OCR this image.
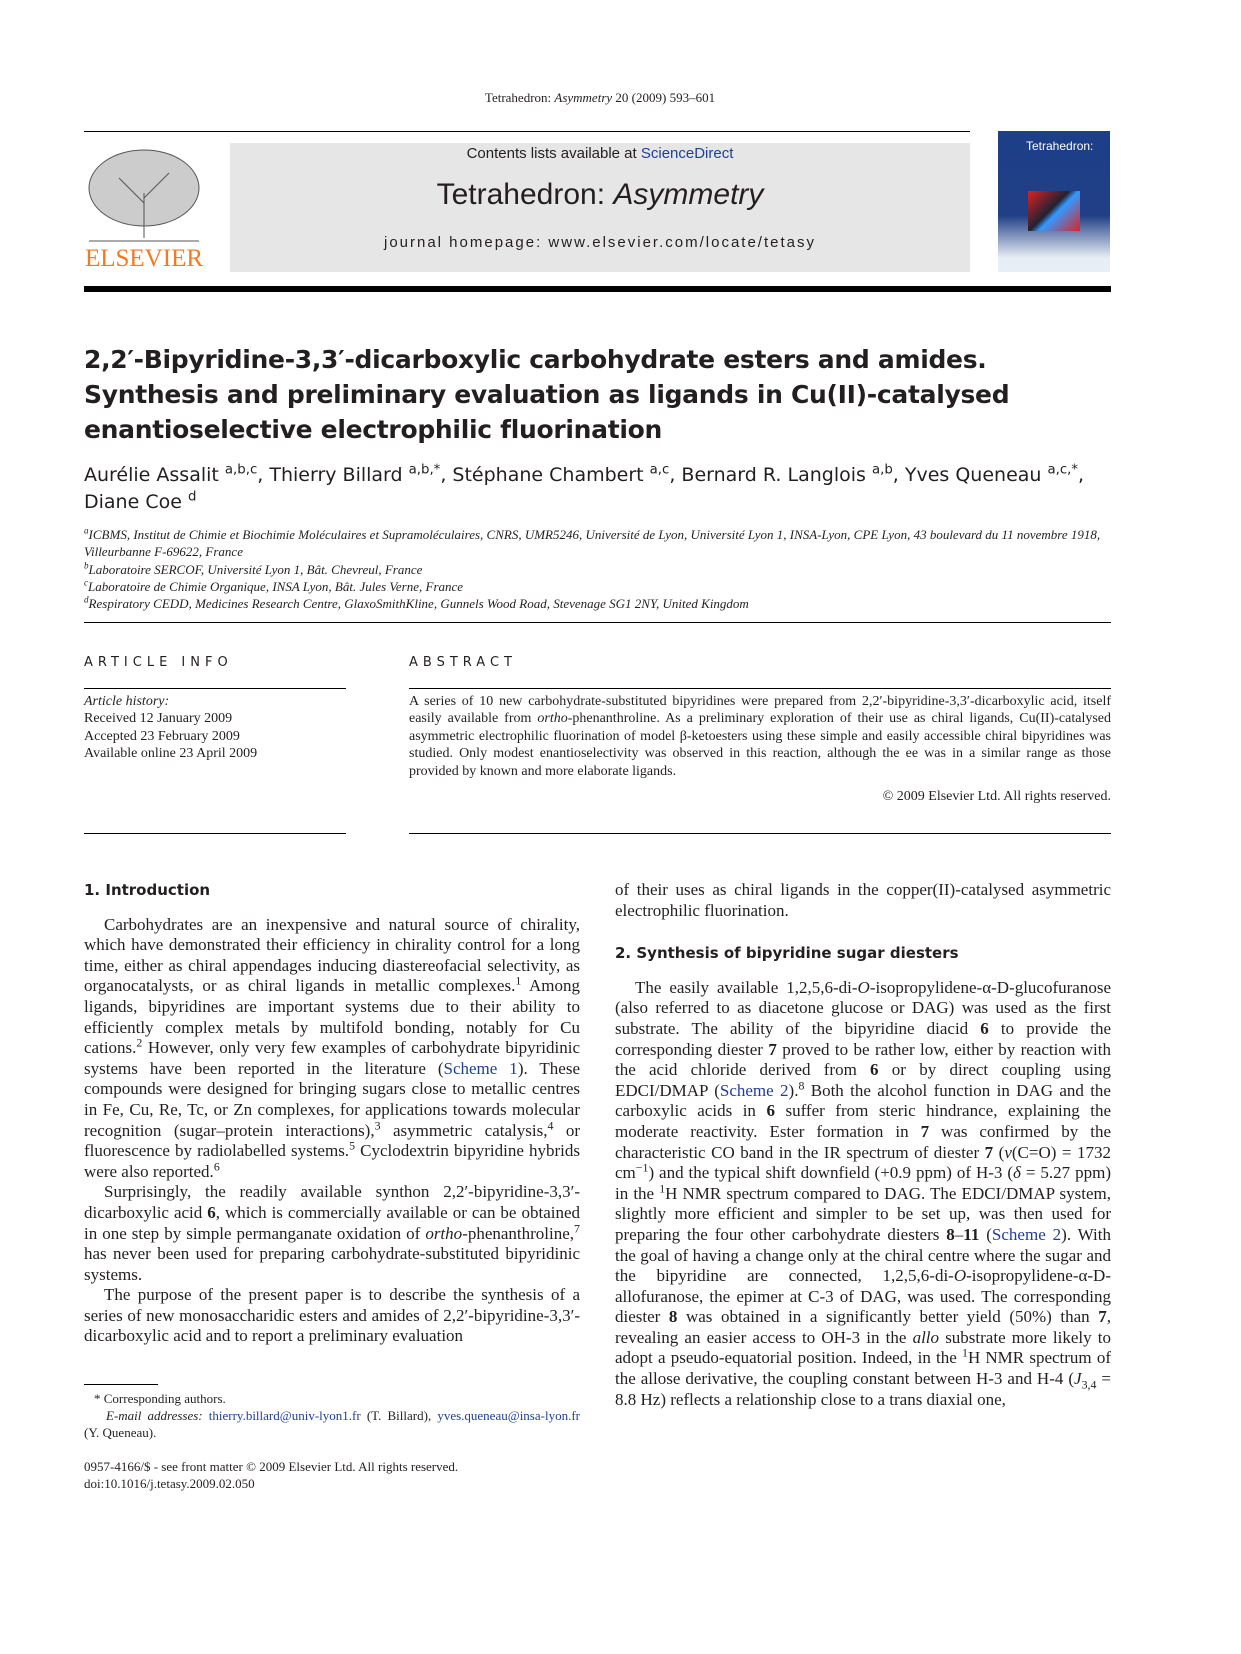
Tetrahedron: Asymmetry 20 (2009) 593–601
ELSEVIER
Contents lists available at ScienceDirect
Tetrahedron: Asymmetry
journal homepage: www.elsevier.com/locate/tetasy
Tetrahedron:
2,2′-Bipyridine-3,3′-dicarboxylic carbohydrate esters and amides. Synthesis and preliminary evaluation as ligands in Cu(II)-catalysed enantioselective electrophilic fluorination

Aurélie Assalit $^{a,b,c}$, Thierry Billard $^{a,b,*}$, Stéphane Chambert $^{a,c}$, Bernard R. Langlois $^{a,b}$, Yves Queneau $^{a,c,*}$, Diane Coe $^d$

$^a$ICBMS, Institut de Chimie et Biochimie Moléculaires et Supramoléculaires, CNRS, UMR5246, Université de Lyon, Université Lyon 1, INSA-Lyon, CPE Lyon, 43 boulevard du 11 novembre 1918, Villeurbanne F-69622, France

$^b$Laboratoire SERCOF, Université Lyon 1, Bât. Chevreul, France

$^c$Laboratoire de Chimie Organique, INSA Lyon, Bât. Jules Verne, France

$^d$Respiratory CEDD, Medicines Research Centre, GlaxoSmithKline, Gunnels Wood Road, Stevenage SG1 2NY, United Kingdom

ARTICLE INFO
Article history:
Received 12 January 2009
Accepted 23 February 2009
Available online 23 April 2009
ABSTRACT

A series of 10 new carbohydrate-substituted bipyridines were prepared from 2,2′-bipyridine-3,3′-dicarboxylic acid, itself easily available from ortho-phenanthroline. As a preliminary exploration of their use as chiral ligands, Cu(II)-catalysed asymmetric electrophilic fluorination of model β-ketoesters using these simple and easily accessible chiral bipyridines was studied. Only modest enantioselectivity was observed in this reaction, although the ee was in a similar range as those provided by known and more elaborate ligands.

© 2009 Elsevier Ltd. All rights reserved.
1. Introduction

Carbohydrates are an inexpensive and natural source of chirality, which have demonstrated their efficiency in chirality control for a long time, either as chiral appendages inducing diastereofacial selectivity, as organocatalysts, or as chiral ligands in metallic complexes.$^1$ Among ligands, bipyridines are important systems due to their ability to efficiently complex metals by multifold bonding, notably for Cu cations.$^2$ However, only very few examples of carbohydrate bipyridinic systems have been reported in the literature (Scheme 1). These compounds were designed for bringing sugars close to metallic centres in Fe, Cu, Re, Tc, or Zn complexes, for applications towards molecular recognition (sugar–protein interactions),$^3$ asymmetric catalysis,$^4$ or fluorescence by radiolabelled systems.$^5$ Cyclodextrin bipyridine hybrids were also reported.$^6$

Surprisingly, the readily available synthon 2,2′-bipyridine-3,3′-dicarboxylic acid 6, which is commercially available or can be obtained in one step by simple permanganate oxidation of ortho-phenanthroline,$^7$ has never been used for preparing carbohydrate-substituted bipyridinic systems.

The purpose of the present paper is to describe the synthesis of a series of new monosaccharidic esters and amides of 2,2′-bipyridine-3,3′-dicarboxylic acid and to report a preliminary evaluation

of their uses as chiral ligands in the copper(II)-catalysed asymmetric electrophilic fluorination.

2. Synthesis of bipyridine sugar diesters

The easily available 1,2,5,6-di-O-isopropylidene-α-D-glucofuranose (also referred to as diacetone glucose or DAG) was used as the first substrate. The ability of the bipyridine diacid 6 to provide the corresponding diester 7 proved to be rather low, either by reaction with the acid chloride derived from 6 or by direct coupling using EDCI/DMAP (Scheme 2).$^8$ Both the alcohol function in DAG and the carboxylic acids in 6 suffer from steric hindrance, explaining the moderate reactivity. Ester formation in 7 was confirmed by the characteristic CO band in the IR spectrum of diester 7 (ν(C=O) = 1732 $cm^{-1}$) and the typical shift downfield (+0.9 ppm) of H-3 (δ = 5.27 ppm) in the $^1$H NMR spectrum compared to DAG. The EDCI/DMAP system, slightly more efficient and simpler to be set up, was then used for preparing the four other carbohydrate diesters 8–11 (Scheme 2). With the goal of having a change only at the chiral centre where the sugar and the bipyridine are connected, 1,2,5,6-di-O-isopropylidene-α-D-allofuranose, the epimer at C-3 of DAG, was used. The corresponding diester 8 was obtained in a significantly better yield (50%) than 7, revealing an easier access to OH-3 in the allo substrate more likely to adopt a pseudo-equatorial position. Indeed, in the $^1$H NMR spectrum of the allose derivative, the coupling constant between H-3 and H-4 ($J_{3,4} = 8.8$ Hz) reflects a relationship close to a trans diaxial one,

* Corresponding authors.
E-mail addresses: thierry.billard@univ-lyon1.fr (T. Billard), yves.queneau@insa-lyon.fr (Y. Queneau).
0957-4166/$ - see front matter © 2009 Elsevier Ltd. All rights reserved.
doi:10.1016/j.tetasy.2009.02.050
